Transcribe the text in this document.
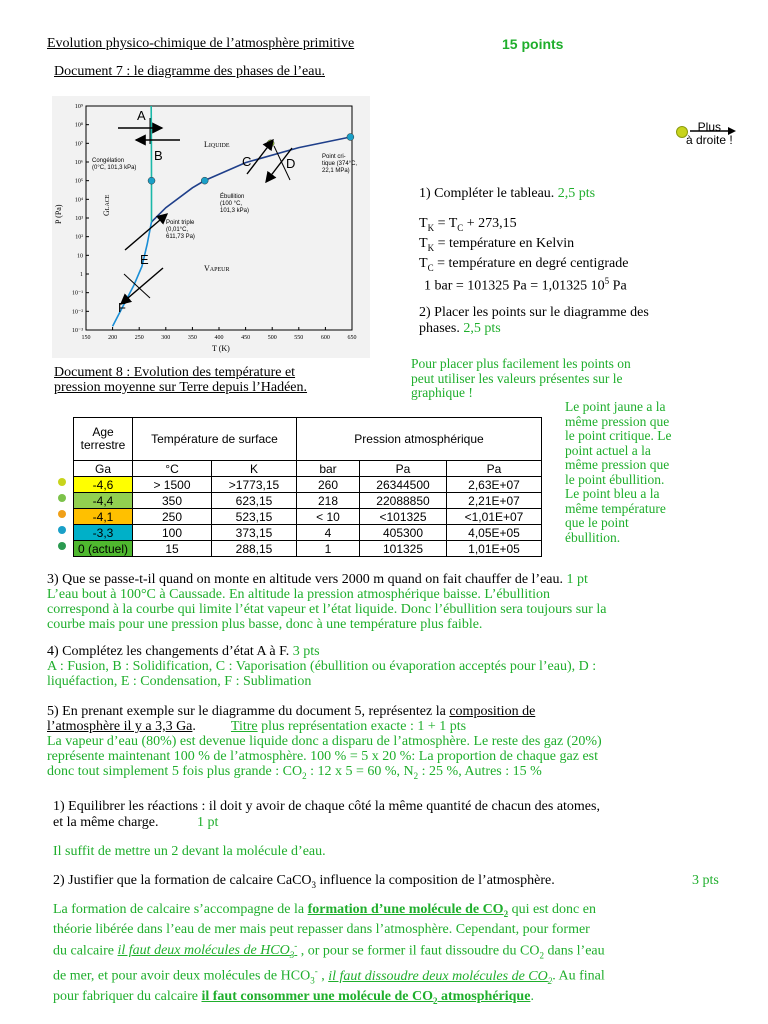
Evolution physico-chimique de l’atmosphère primitive	15 points
Document 7 : le diagramme des phases de l’eau.
150	200	250	300	350	400	450	500	550	600	650
10⁻³
10⁻²
10⁻¹
1
10
10²
10³
10⁴
10⁵
10⁶
10⁷
10⁸
10⁹
A
B	C	D
E
F
Liquide
Glace
Vapeur
Congélation
(0°C, 101,3 kPa)
Ébullition
(100 °C,
101,3 kPa)
Point triple
(0,01°C,
611,73 Pa)
Point cri-
tique (374°C,
22,1 MPa)
P (Pa)
T (K)
Plus
à droite !
1) Compléter le tableau. 2,5 pts
$T_K = T_C + 273,15$
$T_K$ = température en Kelvin
$T_C$ = température en degré centigrade
1 bar = 101325 Pa = 1,01325 $10^5$ Pa
2) Placer les points sur le diagramme des
phases. 2,5 pts
Document 8 : Evolution des température et
pression moyenne sur Terre depuis l’Hadéen.
Pour placer plus facilement les points on
peut utiliser les valeurs présentes sur le
graphique !
Le point jaune a la
même pression que
le point critique. Le
point actuel a la
même pression que
le point ébullition.
Le point bleu a la
même température
que le point
ébullition.
Age
terrestre	Température de surface		Pression atmosphérique		
Ga	°C	K	bar	Pa	Pa
-4,6	> 1500	>1773,15	260	26344500	2,63E+07
-4,4	350	623,15	218	22088850	2,21E+07
-4,1	250	523,15	< 10	<101325	<1,01E+07
-3,3	100	373,15	4	405300	4,05E+05
0 (actuel)	15	288,15	1	101325	1,01E+05
3) Que se passe-t-il quand on monte en altitude vers 2000 m quand on fait chauffer de l’eau. 1 pt
L’eau bout à 100°C à Caussade. En altitude la pression atmosphérique baisse. L’ébullition
correspond à la courbe qui limite l’état vapeur et l’état liquide. Donc l’ébullition sera toujours sur la
courbe mais pour une pression plus basse, donc à une température plus faible.
4) Complétez les changements d’état A à F. 3 pts
A : Fusion, B : Solidification, C : Vaporisation (ébullition ou évaporation acceptés pour l’eau), D :
liquéfaction, E : Condensation, F : Sublimation
5) En prenant exemple sur le diagramme du document 5, représentez la composition de
l’atmosphère il y a 3,3 Ga.	Titre plus représentation exacte : 1 + 1 pts
La vapeur d’eau (80%) est devenue liquide donc a disparu de l’atmosphère. Le reste des gaz (20%)
représente maintenant 100 % de l’atmosphère. 100 % = 5 x 20 %: La proportion de chaque gaz est
donc tout simplement 5 fois plus grande : $CO_2$ : 12 x 5 = 60 %, $N_2$ : 25 %, Autres : 15 %
1) Equilibrer les réactions : il doit y avoir de chaque côté la même quantité de chacun des atomes,
et la même charge.	1 pt
Il suffit de mettre un 2 devant la molécule d’eau.
2) Justifier que la formation de calcaire CaCO$_3$ influence la composition de l’atmosphère.	3 pts
La formation de calcaire s’accompagne de la formation d’une molécule de $CO_2$ qui est donc en
théorie libérée dans l’eau de mer mais peut repasser dans l’atmosphère. Cependant, pour former
du calcaire il faut deux molécules de $HCO_3^-$ , or pour se former il faut dissoudre du $CO_2$ dans l’eau
de mer, et pour avoir deux molécules de $HCO_3^-$ , il faut dissoudre deux molécules de $CO_2$. Au final
pour fabriquer du calcaire il faut consommer une molécule de $CO_2$ atmosphérique.
